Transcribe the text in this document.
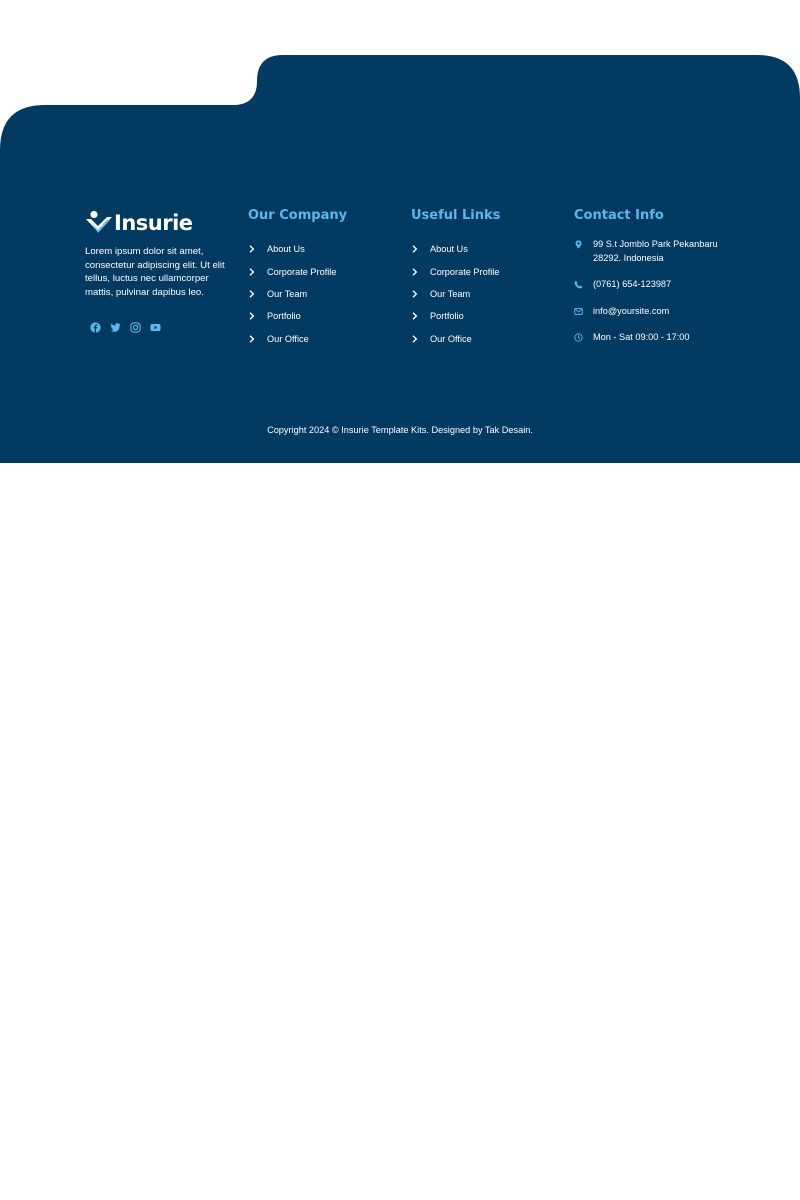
Insurie
Lorem ipsum dolor sit amet, consectetur adipiscing elit. Ut elit tellus, luctus nec ullamcorper mattis, pulvinar dapibus leo.
Our Company
About Us
Corporate Profile
Our Team
Portfolio
Our Office
Useful Links
About Us
Corporate Profile
Our Team
Portfolio
Our Office
Contact Info
99 S.t Jomblo Park Pekanbaru 28292. Indonesia
(0761) 654-123987
info@yoursite.com
Mon - Sat 09:00 - 17:00
Copyright 2024 © Insurie Template Kits. Designed by Tak Desain.
